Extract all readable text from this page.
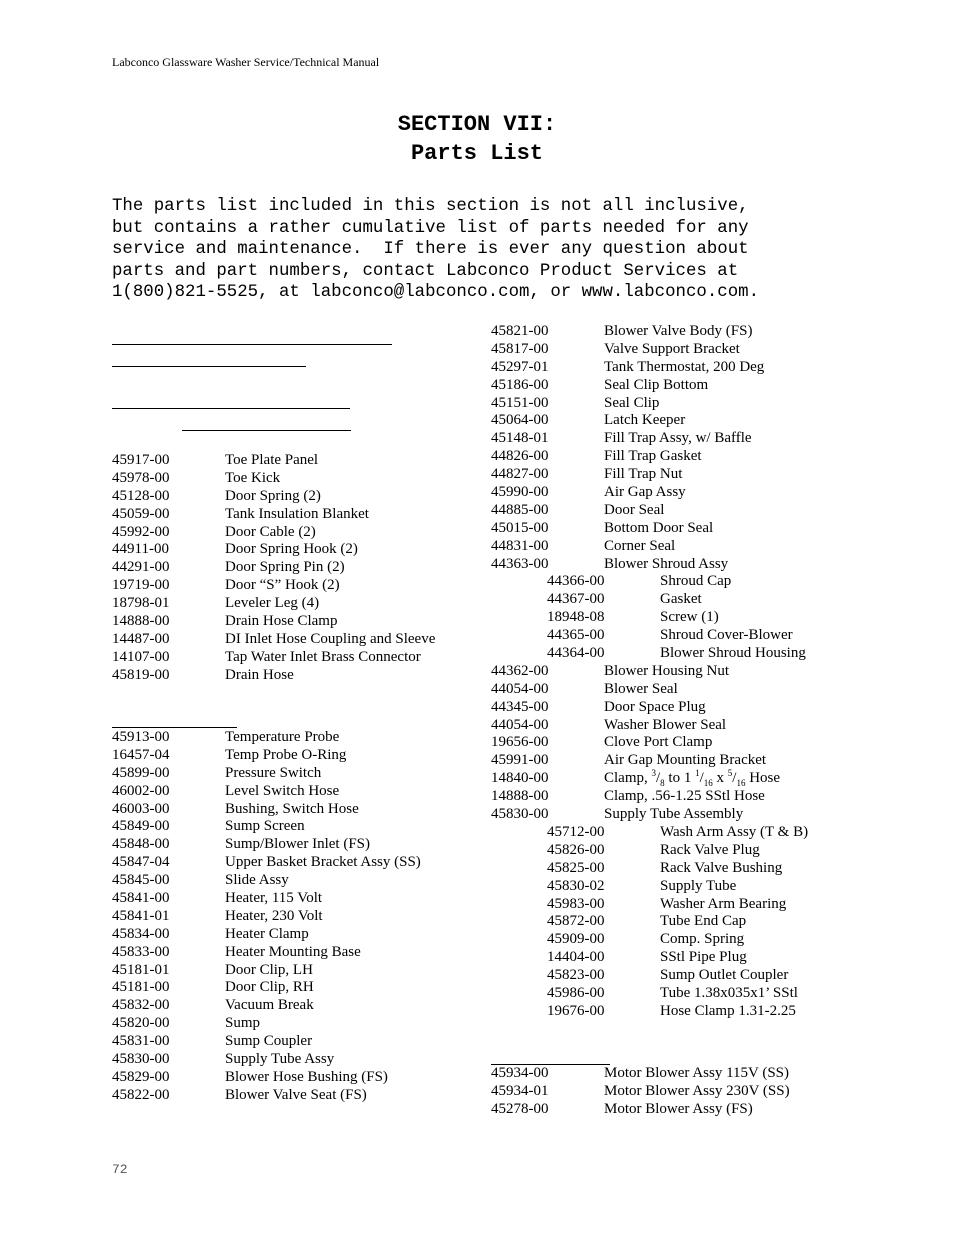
Labconco Glassware Washer Service/Technical Manual
SECTION VII:
Parts List
The parts list included in this section is not all inclusive,
but contains a rather cumulative list of parts needed for any
service and maintenance.  If there is ever any question about
parts and part numbers, contact Labconco Product Services at
1(800)821-5525, at labconco@labconco.com, or www.labconco.com.
45917-00	Toe Plate Panel
45978-00	Toe Kick
45128-00	Door Spring (2)
45059-00	Tank Insulation Blanket
45992-00	Door Cable (2)
44911-00	Door Spring Hook (2)
44291-00	Door Spring Pin (2)
19719-00	Door “S” Hook (2)
18798-01	Leveler Leg (4)
14888-00	Drain Hose Clamp
14487-00	DI Inlet Hose Coupling and Sleeve
14107-00	Tap Water Inlet Brass Connector
45819-00	Drain Hose
45913-00	Temperature Probe
16457-04	Temp Probe O-Ring
45899-00	Pressure Switch
46002-00	Level Switch Hose
46003-00	Bushing, Switch Hose
45849-00	Sump Screen
45848-00	Sump/Blower Inlet (FS)
45847-04	Upper Basket Bracket Assy (SS)
45845-00	Slide Assy
45841-00	Heater, 115 Volt
45841-01	Heater, 230 Volt
45834-00	Heater Clamp
45833-00	Heater Mounting Base
45181-01	Door Clip, LH
45181-00	Door Clip, RH
45832-00	Vacuum Break
45820-00	Sump
45831-00	Sump Coupler
45830-00	Supply Tube Assy
45829-00	Blower Hose Bushing (FS)
45822-00	Blower Valve Seat (FS)
45821-00	Blower Valve Body (FS)
45817-00	Valve Support Bracket
45297-01	Tank Thermostat, 200 Deg
45186-00	Seal Clip Bottom
45151-00	Seal Clip
45064-00	Latch Keeper
45148-01	Fill Trap Assy, w/ Baffle
44826-00	Fill Trap Gasket
44827-00	Fill Trap Nut
45990-00	Air Gap Assy
44885-00	Door Seal
45015-00	Bottom Door Seal
44831-00	Corner Seal
44363-00	Blower Shroud Assy
44366-00	Shroud Cap
44367-00	Gasket
18948-08	Screw (1)
44365-00	Shroud Cover-Blower
44364-00	Blower Shroud Housing
44362-00	Blower Housing Nut
44054-00	Blower Seal
44345-00	Door Space Plug
44054-00	Washer Blower Seal
19656-00	Clove Port Clamp
45991-00	Air Gap Mounting Bracket
14840-00	Clamp, $^3/_8$ to 1 $^1/_{16}$ x $^5/_{16}$ Hose
14888-00	Clamp, .56-1.25 SStl Hose
45830-00	Supply Tube Assembly
45712-00	Wash Arm Assy (T & B)
45826-00	Rack Valve Plug
45825-00	Rack Valve Bushing
45830-02	Supply Tube
45983-00	Washer Arm Bearing
45872-00	Tube End Cap
45909-00	Comp. Spring
14404-00	SStl Pipe Plug
45823-00	Sump Outlet Coupler
45986-00	Tube 1.38x035x1’ SStl
19676-00	Hose Clamp 1.31-2.25
45934-00	Motor Blower Assy 115V (SS)
45934-01	Motor Blower Assy 230V (SS)
45278-00	Motor Blower Assy (FS)
72
